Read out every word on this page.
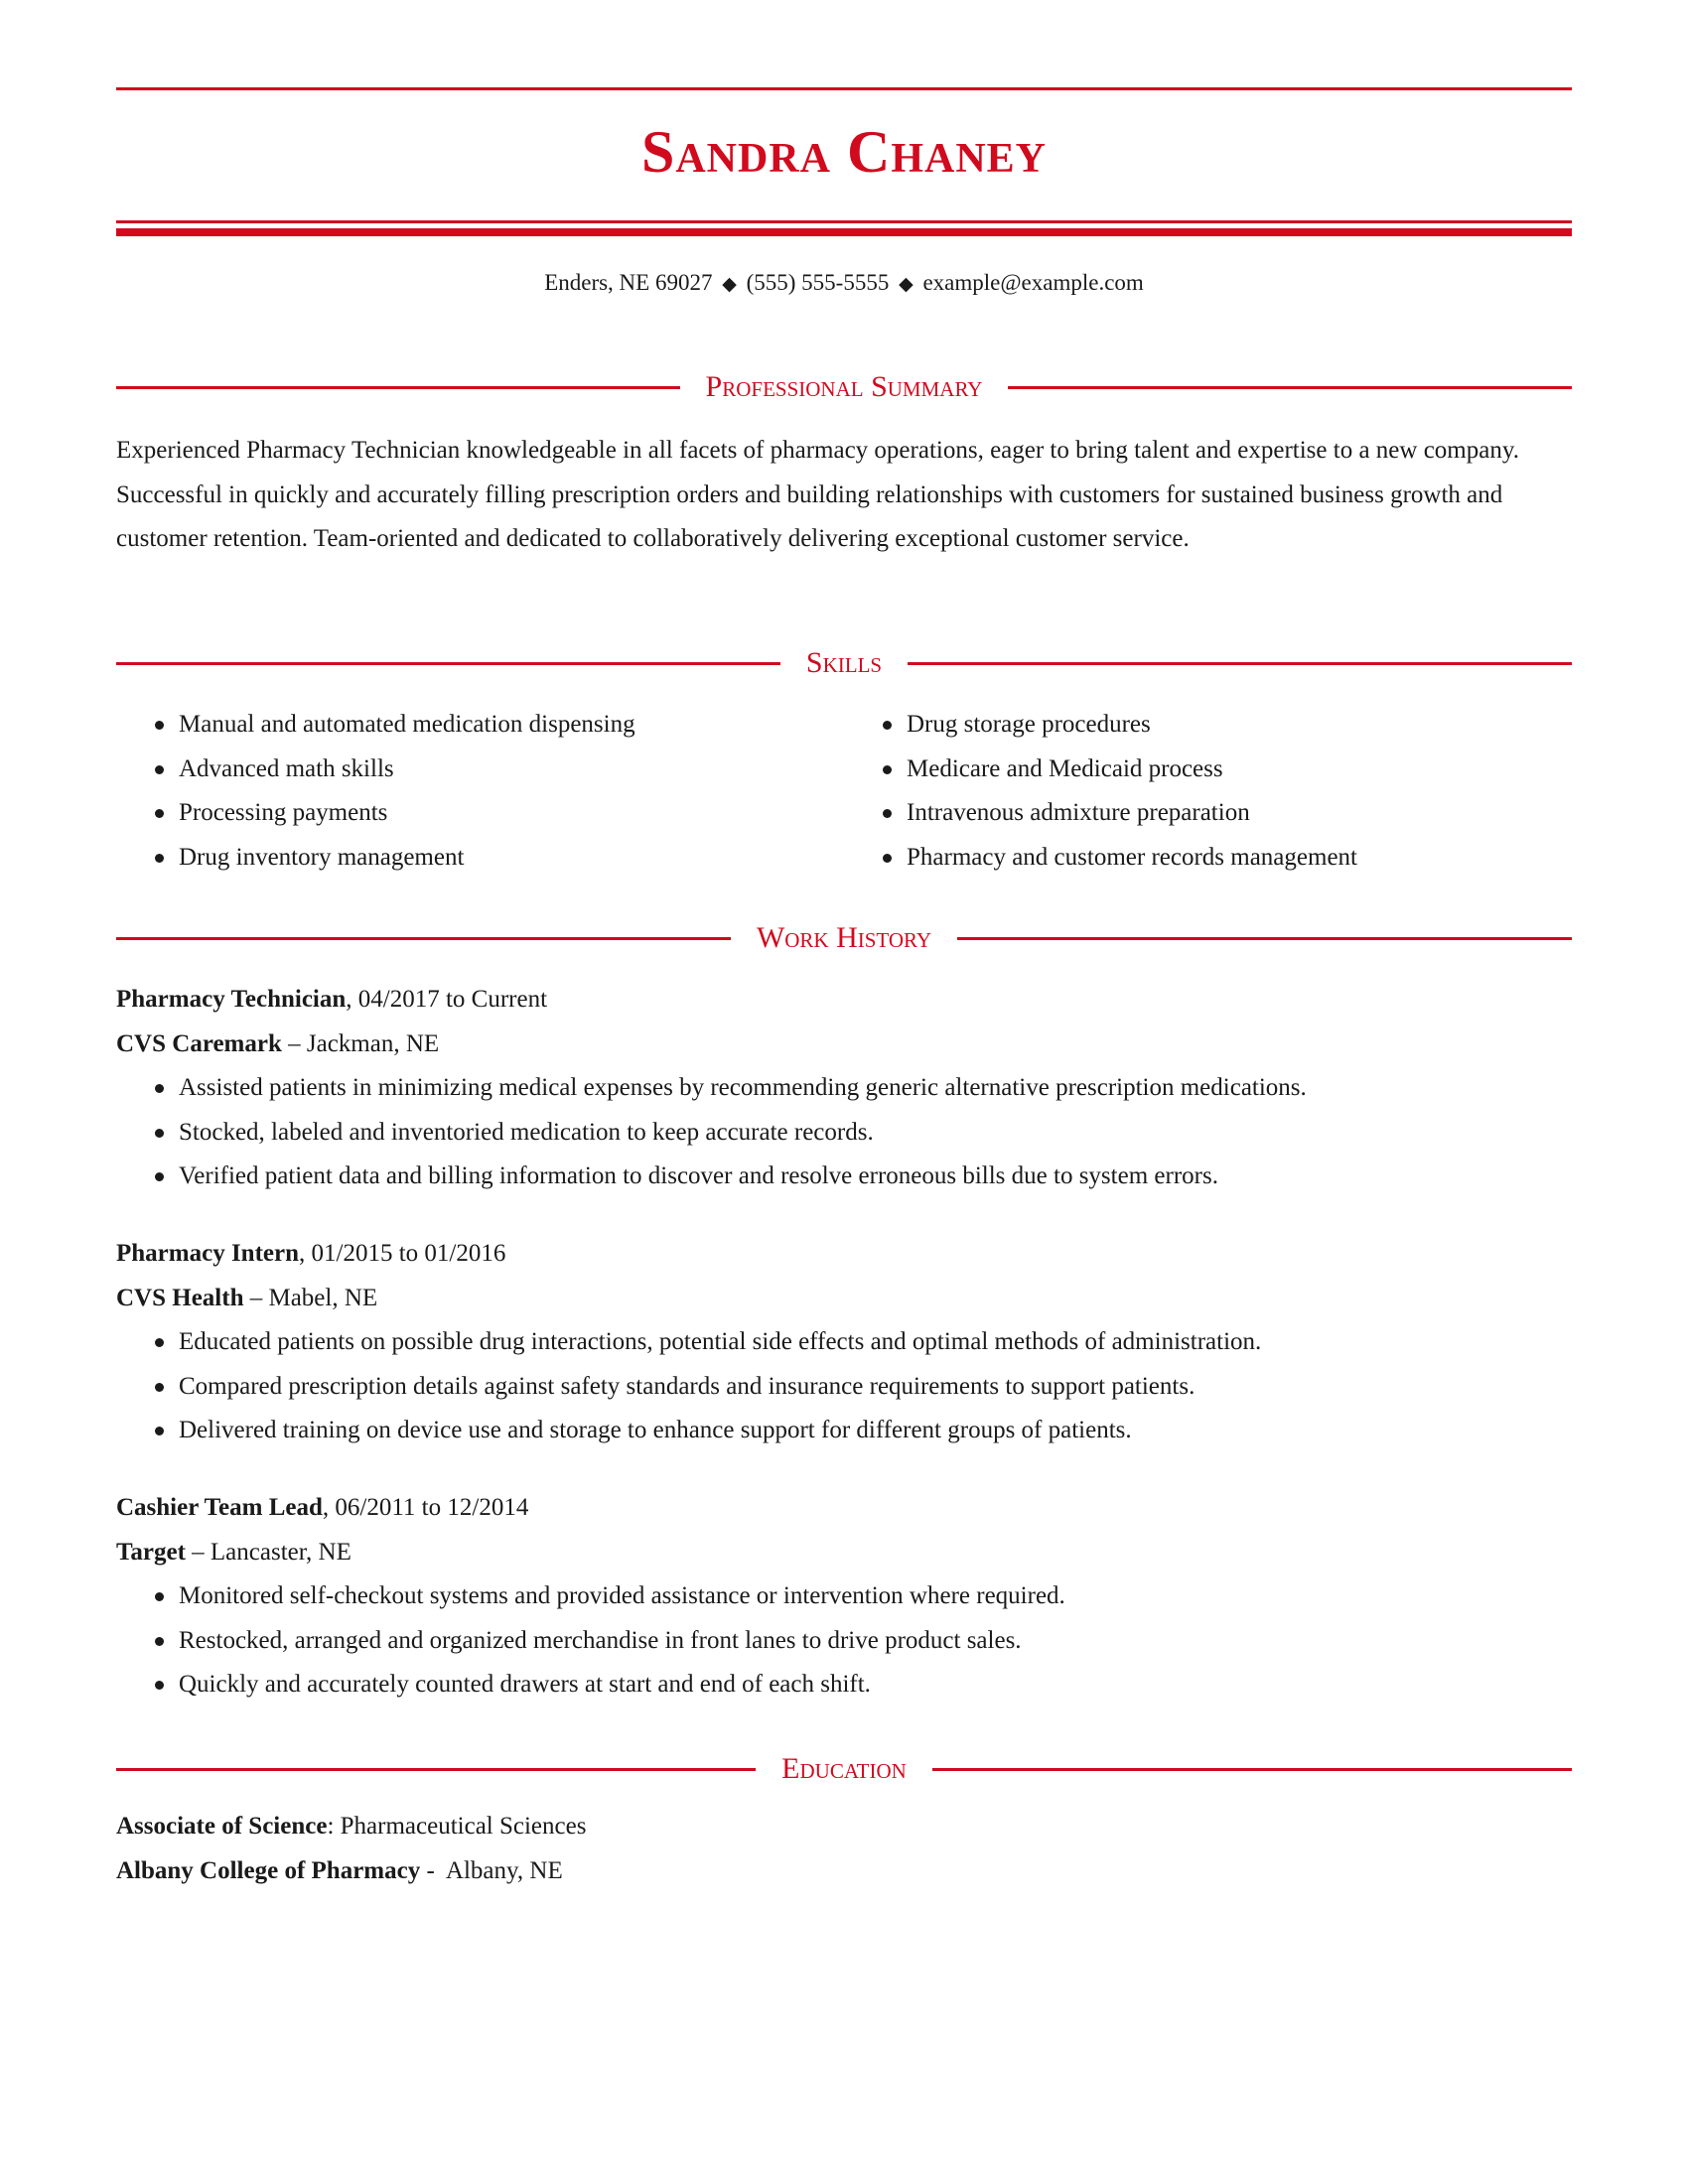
Sandra Chaney
Enders, NE 69027 ◆ (555) 555-5555 ◆ example@example.com
Professional Summary
Experienced Pharmacy Technician knowledgeable in all facets of pharmacy operations, eager to bring talent and expertise to a new company. Successful in quickly and accurately filling prescription orders and building relationships with customers for sustained business growth and customer retention. Team-oriented and dedicated to collaboratively delivering exceptional customer service.
Skills
Manual and automated medication dispensing
Advanced math skills
Processing payments
Drug inventory management
Drug storage procedures
Medicare and Medicaid process
Intravenous admixture preparation
Pharmacy and customer records management
Work History
Pharmacy Technician, 04/2017 to Current
CVS Caremark – Jackman, NE
Assisted patients in minimizing medical expenses by recommending generic alternative prescription medications.
Stocked, labeled and inventoried medication to keep accurate records.
Verified patient data and billing information to discover and resolve erroneous bills due to system errors.
Pharmacy Intern, 01/2015 to 01/2016
CVS Health – Mabel, NE
Educated patients on possible drug interactions, potential side effects and optimal methods of administration.
Compared prescription details against safety standards and insurance requirements to support patients.
Delivered training on device use and storage to enhance support for different groups of patients.
Cashier Team Lead, 06/2011 to 12/2014
Target – Lancaster, NE
Monitored self-checkout systems and provided assistance or intervention where required.
Restocked, arranged and organized merchandise in front lanes to drive product sales.
Quickly and accurately counted drawers at start and end of each shift.
Education
Associate of Science: Pharmaceutical Sciences
Albany College of Pharmacy -  Albany, NE
